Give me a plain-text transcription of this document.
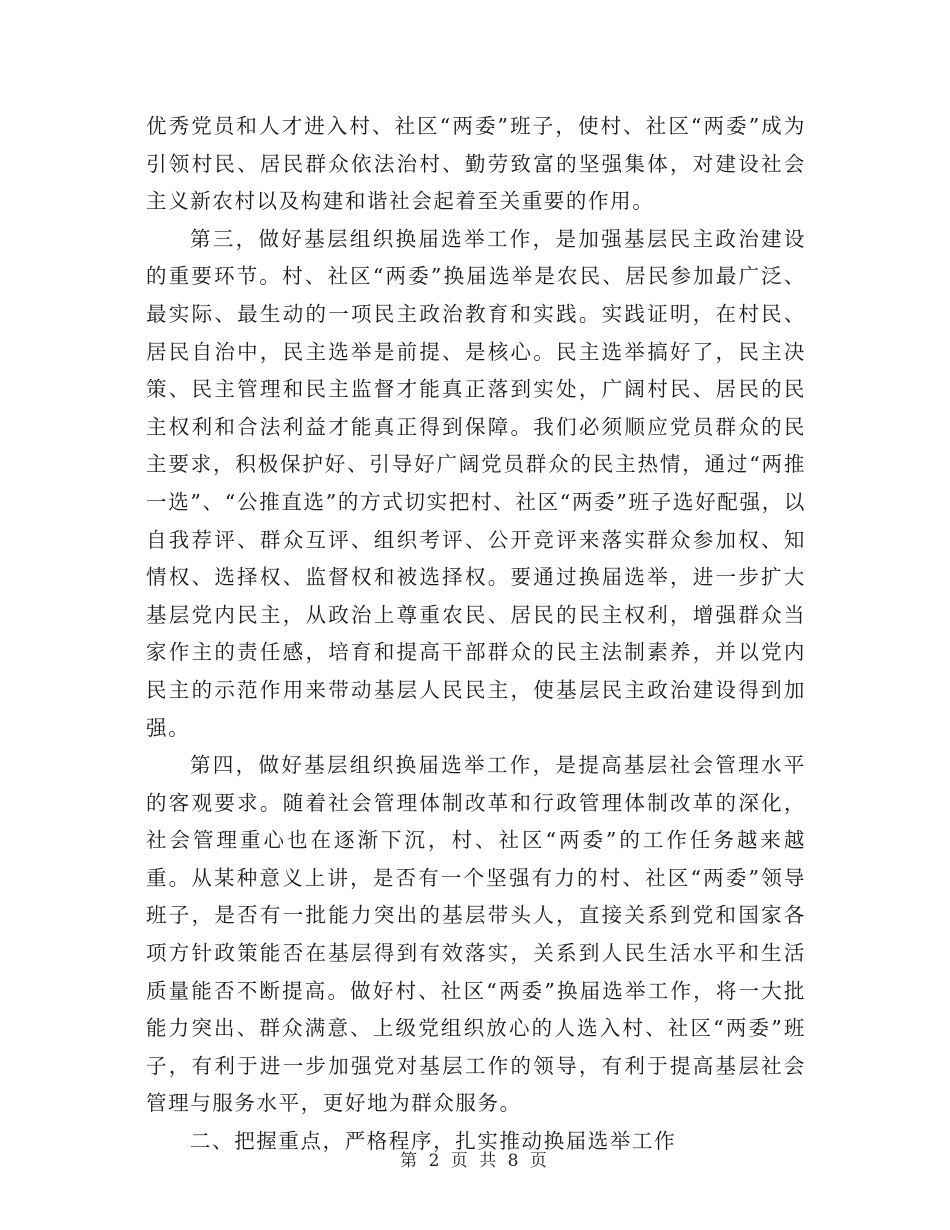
优秀党员和人才进入村、社区“两委”班子，使村、社区“两委”成为引领村民、居民群众依法治村、勤劳致富的坚强集体，对建设社会主义新农村以及构建和谐社会起着至关重要的作用。

第三，做好基层组织换届选举工作，是加强基层民主政治建设的重要环节。村、社区“两委”换届选举是农民、居民参加最广泛、最实际、最生动的一项民主政治教育和实践。实践证明，在村民、居民自治中，民主选举是前提、是核心。民主选举搞好了，民主决策、民主管理和民主监督才能真正落到实处，广阔村民、居民的民主权利和合法利益才能真正得到保障。我们必须顺应党员群众的民主要求，积极保护好、引导好广阔党员群众的民主热情，通过“两推一选”、“公推直选”的方式切实把村、社区“两委”班子选好配强，以自我荐评、群众互评、组织考评、公开竞评来落实群众参加权、知情权、选择权、监督权和被选择权。要通过换届选举，进一步扩大基层党内民主，从政治上尊重农民、居民的民主权利，增强群众当家作主的责任感，培育和提高干部群众的民主法制素养，并以党内民主的示范作用来带动基层人民民主，使基层民主政治建设得到加强。

第四，做好基层组织换届选举工作，是提高基层社会管理水平的客观要求。随着社会管理体制改革和行政管理体制改革的深化，社会管理重心也在逐渐下沉，村、社区“两委”的工作任务越来越重。从某种意义上讲，是否有一个坚强有力的村、社区“两委”领导班子，是否有一批能力突出的基层带头人，直接关系到党和国家各项方针政策能否在基层得到有效落实，关系到人民生活水平和生活质量能否不断提高。做好村、社区“两委”换届选举工作，将一大批能力突出、群众满意、上级党组织放心的人选入村、社区“两委”班子，有利于进一步加强党对基层工作的领导，有利于提高基层社会管理与服务水平，更好地为群众服务。

二、把握重点，严格程序，扎实推动换届选举工作

第 2 页 共 8 页
